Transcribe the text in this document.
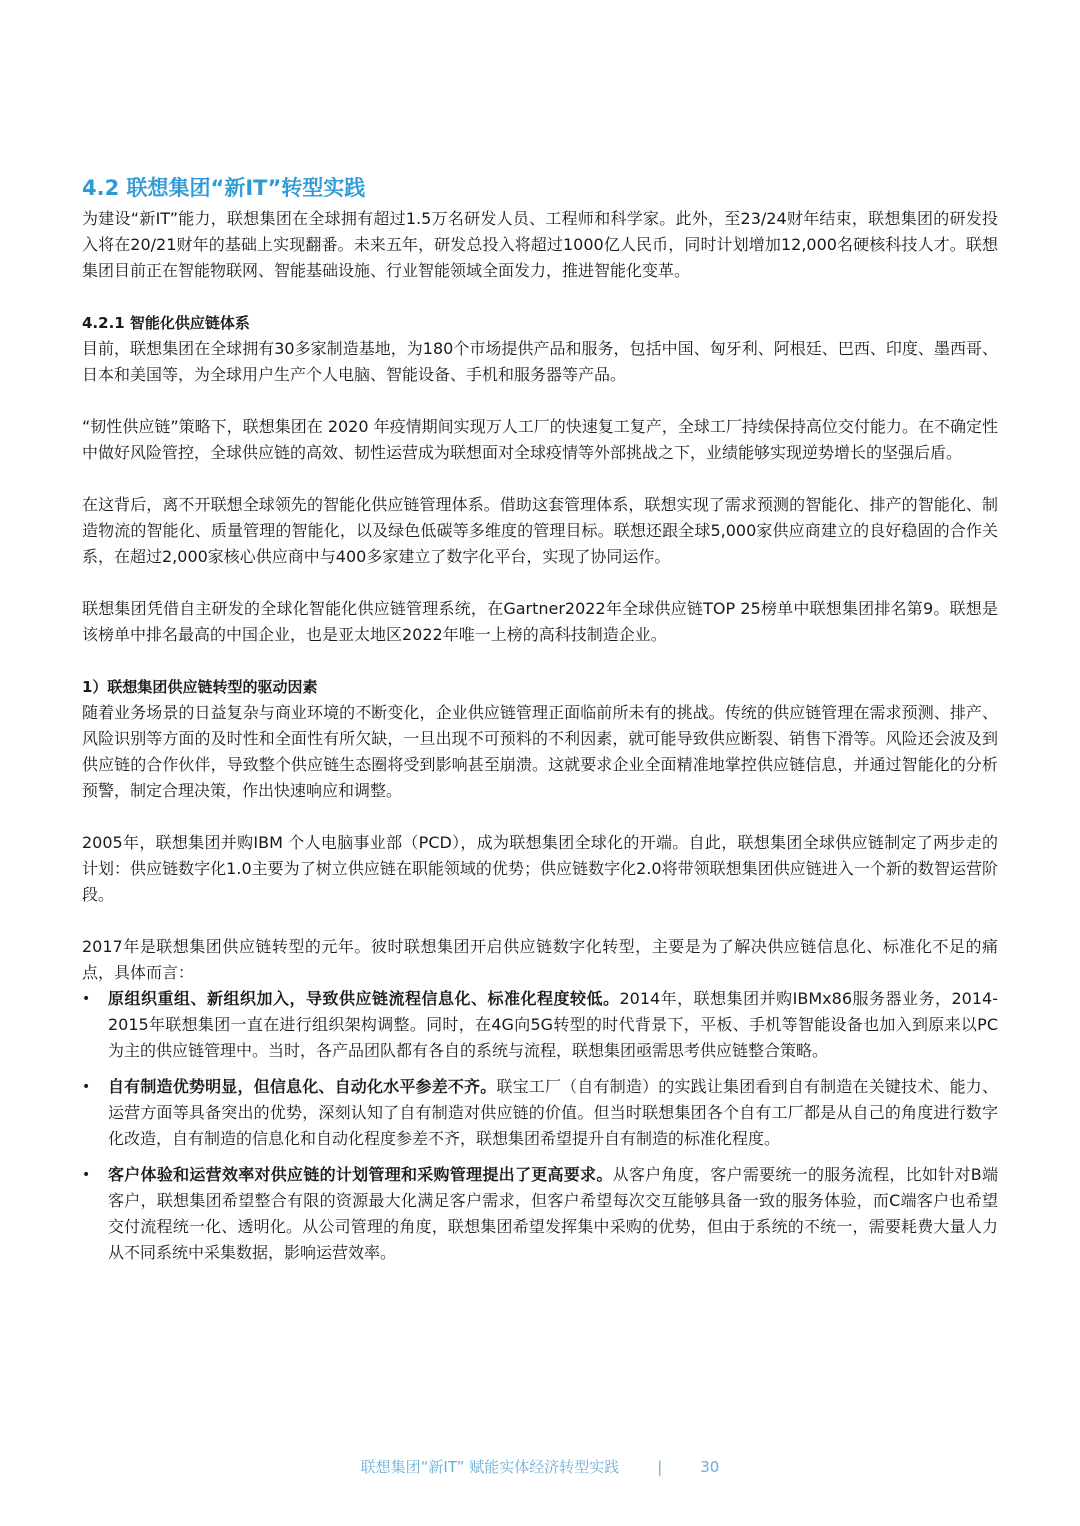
4.2 联想集团“新IT”转型实践

为建设“新IT”能力，联想集团在全球拥有超过1.5万名研发人员、工程师和科学家。此外，至23/24财年结束，联想集团的研发投入将在20/21财年的基础上实现翻番。未来五年，研发总投入将超过1000亿人民币，同时计划增加12,000名硬核科技人才。联想集团目前正在智能物联网、智能基础设施、行业智能领域全面发力，推进智能化变革。

4.2.1 智能化供应链体系

目前，联想集团在全球拥有30多家制造基地，为180个市场提供产品和服务，包括中国、匈牙利、阿根廷、巴西、印度、墨西哥、日本和美国等，为全球用户生产个人电脑、智能设备、手机和服务器等产品。

“韧性供应链”策略下，联想集团在 2020 年疫情期间实现万人工厂的快速复工复产，全球工厂持续保持高位交付能力。在不确定性中做好风险管控，全球供应链的高效、韧性运营成为联想面对全球疫情等外部挑战之下，业绩能够实现逆势增长的坚强后盾。

在这背后，离不开联想全球领先的智能化供应链管理体系。借助这套管理体系，联想实现了需求预测的智能化、排产的智能化、制造物流的智能化、质量管理的智能化，以及绿色低碳等多维度的管理目标。联想还跟全球5,000家供应商建立的良好稳固的合作关系，在超过2,000家核心供应商中与400多家建立了数字化平台，实现了协同运作。

联想集团凭借自主研发的全球化智能化供应链管理系统，在Gartner2022年全球供应链TOP 25榜单中联想集团排名第9。联想是该榜单中排名最高的中国企业，也是亚太地区2022年唯一上榜的高科技制造企业。

1）联想集团供应链转型的驱动因素

随着业务场景的日益复杂与商业环境的不断变化，企业供应链管理正面临前所未有的挑战。传统的供应链管理在需求预测、排产、风险识别等方面的及时性和全面性有所欠缺，一旦出现不可预料的不利因素，就可能导致供应断裂、销售下滑等。风险还会波及到供应链的合作伙伴，导致整个供应链生态圈将受到影响甚至崩溃。这就要求企业全面精准地掌控供应链信息，并通过智能化的分析预警，制定合理决策，作出快速响应和调整。

2005年，联想集团并购IBM 个人电脑事业部（PCD），成为联想集团全球化的开端。自此，联想集团全球供应链制定了两步走的计划：供应链数字化1.0主要为了树立供应链在职能领域的优势；供应链数字化2.0将带领联想集团供应链进入一个新的数智运营阶段。

2017年是联想集团供应链转型的元年。彼时联想集团开启供应链数字化转型，主要是为了解决供应链信息化、标准化不足的痛点，具体而言：

• 原组织重组、新组织加入，导致供应链流程信息化、标准化程度较低。2014年，联想集团并购IBMx86服务器业务，2014-2015年联想集团一直在进行组织架构调整。同时，在4G向5G转型的时代背景下，平板、手机等智能设备也加入到原来以PC为主的供应链管理中。当时，各产品团队都有各自的系统与流程，联想集团亟需思考供应链整合策略。
• 自有制造优势明显，但信息化、自动化水平参差不齐。联宝工厂（自有制造）的实践让集团看到自有制造在关键技术、能力、运营方面等具备突出的优势，深刻认知了自有制造对供应链的价值。但当时联想集团各个自有工厂都是从自己的角度进行数字化改造，自有制造的信息化和自动化程度参差不齐，联想集团希望提升自有制造的标准化程度。
• 客户体验和运营效率对供应链的计划管理和采购管理提出了更高要求。从客户角度，客户需要统一的服务流程，比如针对B端客户，联想集团希望整合有限的资源最大化满足客户需求，但客户希望每次交互能够具备一致的服务体验，而C端客户也希望交付流程统一化、透明化。从公司管理的角度，联想集团希望发挥集中采购的优势，但由于系统的不统一，需要耗费大量人力从不同系统中采集数据，影响运营效率。
联想集团“新IT” 赋能实体经济转型实践	|	30
